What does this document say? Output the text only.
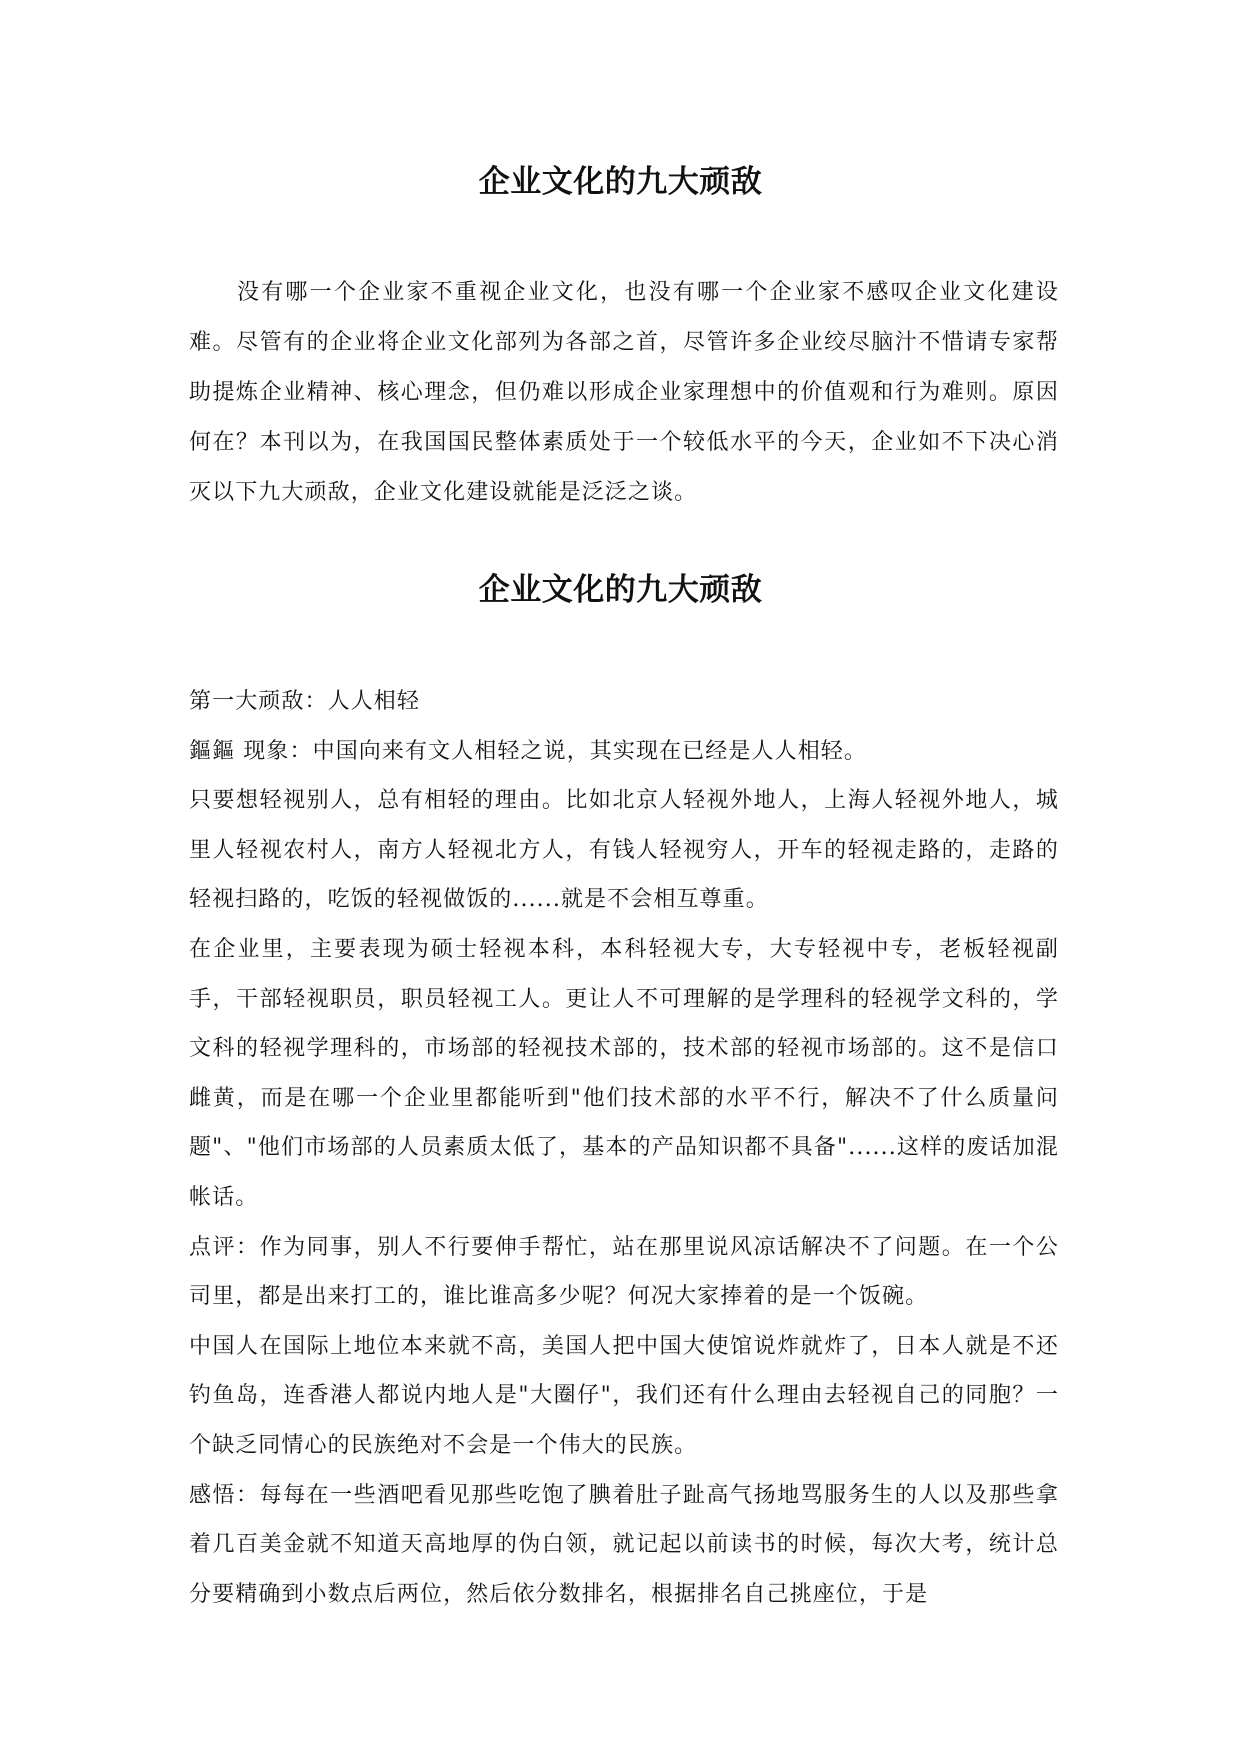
企业文化的九大顽敌

没有哪一个企业家不重视企业文化，也没有哪一个企业家不感叹企业文化建设难。尽管有的企业将企业文化部列为各部之首，尽管许多企业绞尽脑汁不惜请专家帮助提炼企业精神、核心理念，但仍难以形成企业家理想中的价值观和行为难则。原因何在？本刊以为，在我国国民整体素质处于一个较低水平的今天，企业如不下决心消灭以下九大顽敌，企业文化建设就能是泛泛之谈。

企业文化的九大顽敌

第一大顽敌：人人相轻

鏂鏂 现象：中国向来有文人相轻之说，其实现在已经是人人相轻。

只要想轻视别人，总有相轻的理由。比如北京人轻视外地人，上海人轻视外地人，城里人轻视农村人，南方人轻视北方人，有钱人轻视穷人，开车的轻视走路的，走路的轻视扫路的，吃饭的轻视做饭的......就是不会相互尊重。

在企业里，主要表现为硕士轻视本科，本科轻视大专，大专轻视中专，老板轻视副手，干部轻视职员，职员轻视工人。更让人不可理解的是学理科的轻视学文科的，学文科的轻视学理科的，市场部的轻视技术部的，技术部的轻视市场部的。这不是信口雌黄，而是在哪一个企业里都能听到"他们技术部的水平不行，解决不了什么质量问题"、"他们市场部的人员素质太低了，基本的产品知识都不具备"......这样的废话加混帐话。

点评：作为同事，别人不行要伸手帮忙，站在那里说风凉话解决不了问题。在一个公司里，都是出来打工的，谁比谁高多少呢？何况大家捧着的是一个饭碗。

中国人在国际上地位本来就不高，美国人把中国大使馆说炸就炸了，日本人就是不还钓鱼岛，连香港人都说内地人是"大圈仔"，我们还有什么理由去轻视自己的同胞？一个缺乏同情心的民族绝对不会是一个伟大的民族。

感悟：每每在一些酒吧看见那些吃饱了腆着肚子趾高气扬地骂服务生的人以及那些拿着几百美金就不知道天高地厚的伪白领，就记起以前读书的时候，每次大考，统计总分要精确到小数点后两位，然后依分数排名，根据排名自己挑座位，于是
